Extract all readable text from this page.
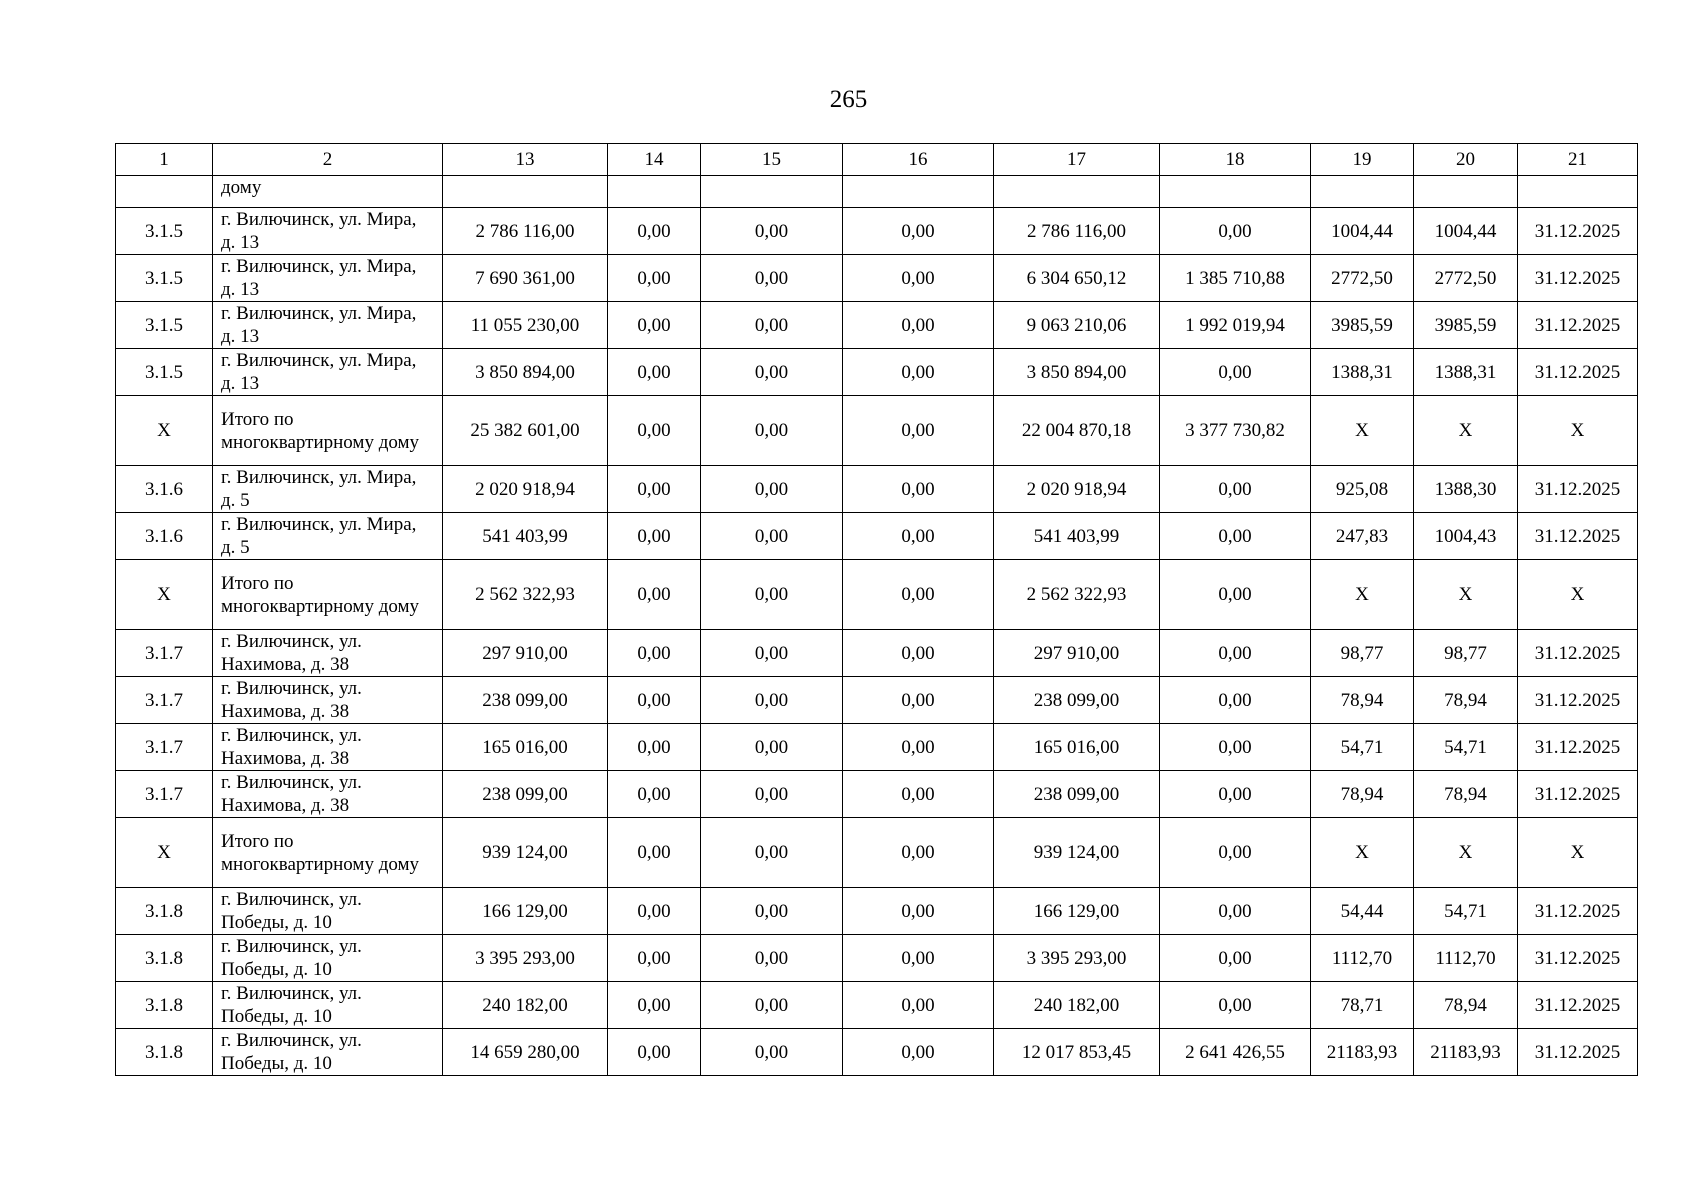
265
1	2	13	14	15	16	17	18	19	20	21
	дому									
3.1.5	г. Вилючинск, ул. Мира, д. 13	2 786 116,00	0,00	0,00	0,00	2 786 116,00	0,00	1004,44	1004,44	31.12.2025
3.1.5	г. Вилючинск, ул. Мира, д. 13	7 690 361,00	0,00	0,00	0,00	6 304 650,12	1 385 710,88	2772,50	2772,50	31.12.2025
3.1.5	г. Вилючинск, ул. Мира, д. 13	11 055 230,00	0,00	0,00	0,00	9 063 210,06	1 992 019,94	3985,59	3985,59	31.12.2025
3.1.5	г. Вилючинск, ул. Мира, д. 13	3 850 894,00	0,00	0,00	0,00	3 850 894,00	0,00	1388,31	1388,31	31.12.2025
X	Итого по многоквартирному дому	25 382 601,00	0,00	0,00	0,00	22 004 870,18	3 377 730,82	X	X	X
3.1.6	г. Вилючинск, ул. Мира, д. 5	2 020 918,94	0,00	0,00	0,00	2 020 918,94	0,00	925,08	1388,30	31.12.2025
3.1.6	г. Вилючинск, ул. Мира, д. 5	541 403,99	0,00	0,00	0,00	541 403,99	0,00	247,83	1004,43	31.12.2025
X	Итого по многоквартирному дому	2 562 322,93	0,00	0,00	0,00	2 562 322,93	0,00	X	X	X
3.1.7	г. Вилючинск, ул. Нахимова, д. 38	297 910,00	0,00	0,00	0,00	297 910,00	0,00	98,77	98,77	31.12.2025
3.1.7	г. Вилючинск, ул. Нахимова, д. 38	238 099,00	0,00	0,00	0,00	238 099,00	0,00	78,94	78,94	31.12.2025
3.1.7	г. Вилючинск, ул. Нахимова, д. 38	165 016,00	0,00	0,00	0,00	165 016,00	0,00	54,71	54,71	31.12.2025
3.1.7	г. Вилючинск, ул. Нахимова, д. 38	238 099,00	0,00	0,00	0,00	238 099,00	0,00	78,94	78,94	31.12.2025
X	Итого по многоквартирному дому	939 124,00	0,00	0,00	0,00	939 124,00	0,00	X	X	X
3.1.8	г. Вилючинск, ул. Победы, д. 10	166 129,00	0,00	0,00	0,00	166 129,00	0,00	54,44	54,71	31.12.2025
3.1.8	г. Вилючинск, ул. Победы, д. 10	3 395 293,00	0,00	0,00	0,00	3 395 293,00	0,00	1112,70	1112,70	31.12.2025
3.1.8	г. Вилючинск, ул. Победы, д. 10	240 182,00	0,00	0,00	0,00	240 182,00	0,00	78,71	78,94	31.12.2025
3.1.8	г. Вилючинск, ул. Победы, д. 10	14 659 280,00	0,00	0,00	0,00	12 017 853,45	2 641 426,55	21183,93	21183,93	31.12.2025
